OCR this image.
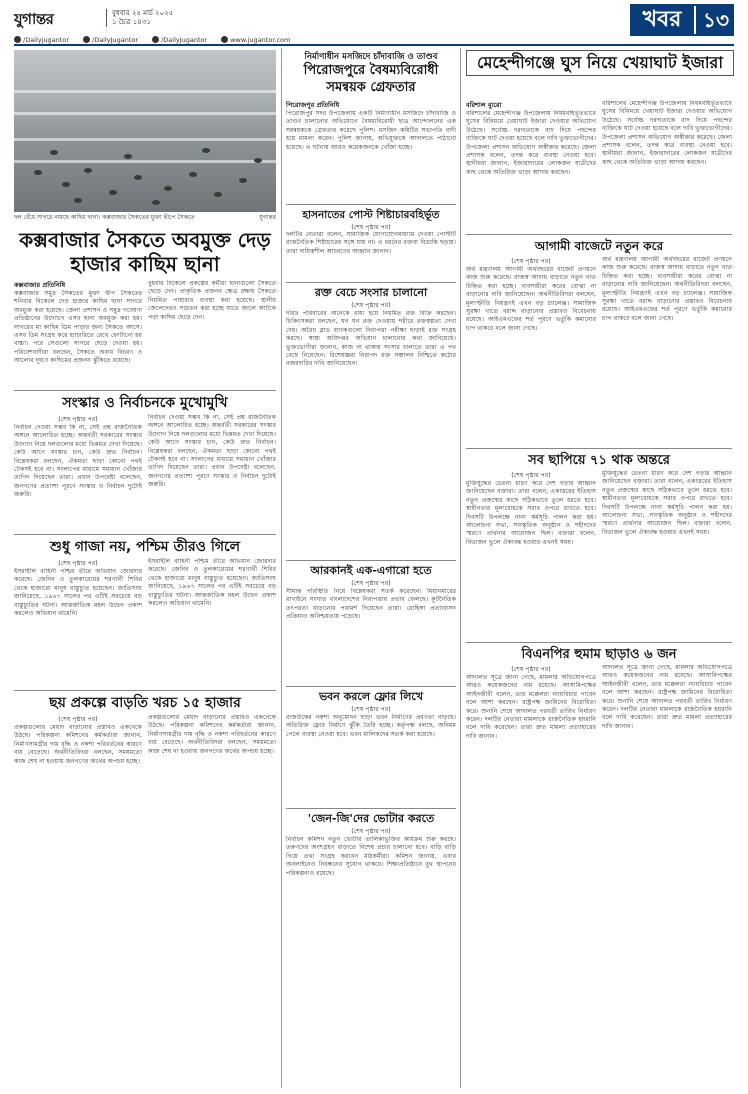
যুগান্তর	বুধবার ২৫ মার্চ ২০২৫
১ চৈত্র ১৪৩১
/Dailyjugantor	/DailyJugantor	/DailyJugantor	www.jugantor.com
খবর	১৩
দল বেঁধে সাগরে নামছে কাছিম ছানা। কক্সবাজার সৈকতের মুক্তা দ্বীপে সৈকতে	যুগান্তর
কক্সবাজার সৈকতে অবমুক্ত দেড় হাজার কাছিম ছানা
কক্সবাজার প্রতিনিধি
কক্সবাজার সমুদ্র সৈকতের মুক্তা দ্বীপ সৈকতের শনিবার বিকেলে দেড় হাজার কাছিম ছানা সাগরে অবমুক্ত করা হয়েছে। জেলা প্রশাসন ও সমুদ্র গবেষণা প্রতিষ্ঠানের উদ্যোগে এসব ছানা অবমুক্ত করা হয়। সাগরের মা কাছিম ডিম পাড়ার জন্য সৈকতে আসে। এসব ডিম সংগ্রহ করে হ্যাচারিতে রেখে ফোটানো হয় বাচ্চা। পরে সেগুলো সাগরে ছেড়ে দেওয়া হয়। পরিবেশবাদীরা বলছেন, সৈকতে অবাধ বিচরণ ও আলোর দূষণে কাছিমের প্রজনন ঝুঁকিতে রয়েছে।
বুধবার বিকেলে প্রকল্পের কর্মীরা ছানাগুলো সৈকতে ছেড়ে দেন। প্রাকৃতিক প্রজনন ক্ষেত্র রক্ষায় সৈকতে নিয়মিত পাহারার ব্যবস্থা করা হয়েছে। স্থানীয় জেলেদেরও সচেতন করা হচ্ছে যাতে জালে আটকে পড়া কাছিম ছেড়ে দেন।
সংস্কার ও নির্বাচনকে মুখোমুখি
(শেষ পৃষ্ঠার পর)
নির্বাচন দেওয়া সম্ভব কি না, সেই প্রশ্ন রাজনৈতিক অঙ্গনে আলোচিত হচ্ছে। অন্তর্বর্তী সরকারের সংস্কার উদ্যোগ নিয়ে দলগুলোর মধ্যে ভিন্নমত দেখা দিয়েছে। কেউ আগে সংস্কার চান, কেউ দ্রুত নির্বাচন। বিশ্লেষকরা বলছেন, ঐকমত্য ছাড়া কোনো পথই টেকসই হবে না। সংলাপের মাধ্যমে সমাধান খোঁজার তাগিদ দিয়েছেন তারা। প্রধান উপদেষ্টা বলেছেন, জনগণের প্রত্যাশা পূরণে সংস্কার ও নির্বাচন দুটোই জরুরি।
নির্বাচন দেওয়া সম্ভব কি না, সেই প্রশ্ন রাজনৈতিক অঙ্গনে আলোচিত হচ্ছে। অন্তর্বর্তী সরকারের সংস্কার উদ্যোগ নিয়ে দলগুলোর মধ্যে ভিন্নমত দেখা দিয়েছে। কেউ আগে সংস্কার চান, কেউ দ্রুত নির্বাচন। বিশ্লেষকরা বলছেন, ঐকমত্য ছাড়া কোনো পথই টেকসই হবে না। সংলাপের মাধ্যমে সমাধান খোঁজার তাগিদ দিয়েছেন তারা। প্রধান উপদেষ্টা বলেছেন, জনগণের প্রত্যাশা পূরণে সংস্কার ও নির্বাচন দুটোই জরুরি।
শুধু গাজা নয়, পশ্চিম তীরও গিলে
(শেষ পৃষ্ঠার পর)
ইসরাইলি বাহিনী পশ্চিম তীরে অভিযান জোরদার করেছে। জেনিন ও তুলকারেমের শরণার্থী শিবির থেকে হাজারো মানুষ বাস্তুচ্যুত হয়েছেন। জাতিসংঘ জানিয়েছে, ১৯৬৭ সালের পর এটিই সবচেয়ে বড় বাস্তুচ্যুতির ঘটনা। আন্তর্জাতিক মহল উদ্বেগ প্রকাশ করলেও অভিযান থামেনি।
ইসরাইলি বাহিনী পশ্চিম তীরে অভিযান জোরদার করেছে। জেনিন ও তুলকারেমের শরণার্থী শিবির থেকে হাজারো মানুষ বাস্তুচ্যুত হয়েছেন। জাতিসংঘ জানিয়েছে, ১৯৬৭ সালের পর এটিই সবচেয়ে বড় বাস্তুচ্যুতির ঘটনা। আন্তর্জাতিক মহল উদ্বেগ প্রকাশ করলেও অভিযান থামেনি।
ছয় প্রকল্পে বাড়তি খরচ ১৫ হাজার
(শেষ পৃষ্ঠার পর)
প্রকল্পগুলোর মেয়াদ বাড়ানোর প্রস্তাবও একনেকে উঠছে। পরিকল্পনা কমিশনের কর্মকর্তারা জানান, নির্মাণসামগ্রীর দাম বৃদ্ধি ও নকশা পরিবর্তনের কারণে ব্যয় বেড়েছে। অর্থনীতিবিদরা বলছেন, সময়মতো কাজ শেষ না হওয়ায় জনগণের অর্থের অপচয় হচ্ছে।
প্রকল্পগুলোর মেয়াদ বাড়ানোর প্রস্তাবও একনেকে উঠছে। পরিকল্পনা কমিশনের কর্মকর্তারা জানান, নির্মাণসামগ্রীর দাম বৃদ্ধি ও নকশা পরিবর্তনের কারণে ব্যয় বেড়েছে। অর্থনীতিবিদরা বলছেন, সময়মতো কাজ শেষ না হওয়ায় জনগণের অর্থের অপচয় হচ্ছে।
নির্মাণাধীন মসজিদে চাঁদাবাজি ও তাণ্ডব
পিরোজপুরে বৈষম্যবিরোধী সমন্বয়ক গ্রেফতার
পিরোজপুর প্রতিনিধি
পিরোজপুর সদর উপজেলায় একটি নির্মাণাধীন মসজিদে চাঁদাবাজি ও তাণ্ডব চালানোর অভিযোগে বৈষম্যবিরোধী ছাত্র আন্দোলনের এক সমন্বয়ককে গ্রেফতার করেছে পুলিশ। মসজিদ কমিটির সভাপতি বাদী হয়ে মামলা করেন। পুলিশ জানায়, অভিযুক্তকে আদালতে পাঠানো হয়েছে। এ ঘটনায় আরও কয়েকজনকে খোঁজা হচ্ছে।
হাসনাতের পোস্ট শিষ্টাচারবহির্ভূত
(শেষ পৃষ্ঠার পর)
দলটির নেতারা বলেন, সামাজিক যোগাযোগমাধ্যমে দেওয়া পোস্টটি রাজনৈতিক শিষ্টাচারের সঙ্গে যায় না। এ ধরনের বক্তব্য বিভ্রান্তি ছড়ায়। তারা দায়িত্বশীল আচরণের আহ্বান জানান।
রক্ত বেচে সংসার চালানো
(শেষ পৃষ্ঠার পর)
দরিদ্র পরিবারের অনেকে বাধ্য হয়ে নিয়মিত রক্ত বিক্রি করছেন। চিকিৎসকরা বলছেন, ঘন ঘন রক্ত দেওয়ায় শরীরে রক্তস্বল্পতা দেখা দেয়। অবৈধ ব্লাড ব্যাংকগুলো নিরাপত্তা পরীক্ষা ছাড়াই রক্ত সংগ্রহ করছে। স্বাস্থ্য অধিদপ্তর অভিযান চালানোর কথা জানিয়েছে। ভুক্তভোগীরা জানান, কাজ না থাকায় সংসার চালাতে তারা এ পথ বেছে নিয়েছেন। বিশেষজ্ঞরা নিরাপদ রক্ত সঞ্চালন নিশ্চিতে কঠোর নজরদারির দাবি জানিয়েছেন।
আরকানই এক-এগারো হতে
(শেষ পৃষ্ঠার পর)
সীমান্ত পরিস্থিতি নিয়ে বিশ্লেষকরা সতর্ক করেছেন। মিয়ানমারের রাখাইনে সংঘাত বাংলাদেশের নিরাপত্তায় প্রভাব ফেলছে। কূটনৈতিক তৎপরতা বাড়ানোর পরামর্শ দিয়েছেন তারা। রোহিঙ্গা প্রত্যাবাসন প্রক্রিয়াও অনিশ্চয়তায় পড়েছে।
ভবন করলে ফ্লোর লিখে
(শেষ পৃষ্ঠার পর)
রাজউকের নকশা অনুমোদন ছাড়া ভবন নির্মাণের প্রবণতা বাড়ছে। অতিরিক্ত ফ্লোর নির্মাণে ঝুঁকি তৈরি হচ্ছে। কর্তৃপক্ষ বলছে, অনিয়ম পেলে ব্যবস্থা নেওয়া হবে। ভবন মালিকদের সতর্ক করা হয়েছে।
'জেন-জি'দের ভোটার করতে
(শেষ পৃষ্ঠার পর)
নির্বাচন কমিশন নতুন ভোটার তালিকাভুক্তির কার্যক্রম শুরু করছে। তরুণদের অংশগ্রহণ বাড়াতে বিশেষ প্রচার চালানো হবে। বাড়ি বাড়ি গিয়ে তথ্য সংগ্রহ করবেন মাঠকর্মীরা। কমিশন জানায়, এবার অনলাইনেও নিবন্ধনের সুযোগ থাকবে। শিক্ষাপ্রতিষ্ঠানে বুথ স্থাপনের পরিকল্পনাও রয়েছে।
মেহেন্দীগঞ্জে ঘুস নিয়ে খেয়াঘাট ইজারা
বরিশাল ব্যুরো
বরিশালের মেহেন্দীগঞ্জ উপজেলায় নিয়মবহির্ভূতভাবে ঘুসের বিনিময়ে খেয়াঘাট ইজারা দেওয়ার অভিযোগ উঠেছে। সর্বোচ্চ দরদাতাকে বাদ দিয়ে পছন্দের ব্যক্তিকে ঘাট দেওয়া হয়েছে বলে দাবি ভুক্তভোগীদের। উপজেলা প্রশাসন অভিযোগ অস্বীকার করেছে। জেলা প্রশাসক বলেন, তদন্ত করে ব্যবস্থা নেওয়া হবে। স্থানীয়রা জানান, ইজারাদারের লোকজন যাত্রীদের কাছ থেকে অতিরিক্ত ভাড়া আদায় করছেন।
বরিশালের মেহেন্দীগঞ্জ উপজেলায় নিয়মবহির্ভূতভাবে ঘুসের বিনিময়ে খেয়াঘাট ইজারা দেওয়ার অভিযোগ উঠেছে। সর্বোচ্চ দরদাতাকে বাদ দিয়ে পছন্দের ব্যক্তিকে ঘাট দেওয়া হয়েছে বলে দাবি ভুক্তভোগীদের। উপজেলা প্রশাসন অভিযোগ অস্বীকার করেছে। জেলা প্রশাসক বলেন, তদন্ত করে ব্যবস্থা নেওয়া হবে। স্থানীয়রা জানান, ইজারাদারের লোকজন যাত্রীদের কাছ থেকে অতিরিক্ত ভাড়া আদায় করছেন।
আগামী বাজেটে নতুন করে
(শেষ পৃষ্ঠার পর)
অর্থ মন্ত্রণালয় আগামী অর্থবছরের বাজেট প্রণয়নে কাজ শুরু করেছে। রাজস্ব আদায় বাড়াতে নতুন খাত চিহ্নিত করা হচ্ছে। ব্যবসায়ীরা করের বোঝা না বাড়ানোর দাবি জানিয়েছেন। অর্থনীতিবিদরা বলছেন, মূল্যস্ফীতি নিয়ন্ত্রণই এখন বড় চ্যালেঞ্জ। সামাজিক সুরক্ষা খাতে বরাদ্দ বাড়ানোর প্রস্তাবও বিবেচনায় রয়েছে। আইএমএফের শর্ত পূরণে ভর্তুকি কমানোর চাপ থাকবে বলে জানা গেছে।
অর্থ মন্ত্রণালয় আগামী অর্থবছরের বাজেট প্রণয়নে কাজ শুরু করেছে। রাজস্ব আদায় বাড়াতে নতুন খাত চিহ্নিত করা হচ্ছে। ব্যবসায়ীরা করের বোঝা না বাড়ানোর দাবি জানিয়েছেন। অর্থনীতিবিদরা বলছেন, মূল্যস্ফীতি নিয়ন্ত্রণই এখন বড় চ্যালেঞ্জ। সামাজিক সুরক্ষা খাতে বরাদ্দ বাড়ানোর প্রস্তাবও বিবেচনায় রয়েছে। আইএমএফের শর্ত পূরণে ভর্তুকি কমানোর চাপ থাকবে বলে জানা গেছে।
সব ছাপিয়ে ৭১ থাক অন্তরে
(শেষ পৃষ্ঠার পর)
মুক্তিযুদ্ধের চেতনা ধারণ করে দেশ গড়ার আহ্বান জানিয়েছেন বক্তারা। তারা বলেন, একাত্তরের ইতিহাস নতুন প্রজন্মের কাছে সঠিকভাবে তুলে ধরতে হবে। স্বাধীনতার মূল্যবোধকে সবার ওপরে রাখতে হবে। দিবসটি উপলক্ষে নানা কর্মসূচি পালন করা হয়। আলোচনা সভা, সাংস্কৃতিক অনুষ্ঠান ও শহীদদের স্মরণে প্রার্থনার আয়োজন ছিল। বক্তারা বলেন, বিভাজন ভুলে ঐক্যবদ্ধ হওয়ার এখনই সময়।
মুক্তিযুদ্ধের চেতনা ধারণ করে দেশ গড়ার আহ্বান জানিয়েছেন বক্তারা। তারা বলেন, একাত্তরের ইতিহাস নতুন প্রজন্মের কাছে সঠিকভাবে তুলে ধরতে হবে। স্বাধীনতার মূল্যবোধকে সবার ওপরে রাখতে হবে। দিবসটি উপলক্ষে নানা কর্মসূচি পালন করা হয়। আলোচনা সভা, সাংস্কৃতিক অনুষ্ঠান ও শহীদদের স্মরণে প্রার্থনার আয়োজন ছিল। বক্তারা বলেন, বিভাজন ভুলে ঐক্যবদ্ধ হওয়ার এখনই সময়।
বিএনপির হুমাম ছাড়াও ৬ জন
(শেষ পৃষ্ঠার পর)
আদালত সূত্রে জানা গেছে, মামলার অভিযোগপত্রে আরও কয়েকজনের নাম রয়েছে। আসামিপক্ষের আইনজীবী বলেন, তার মক্কেলরা ন্যায়বিচার পাবেন বলে আশা করছেন। রাষ্ট্রপক্ষ জামিনের বিরোধিতা করে। শুনানি শেষে আদালত পরবর্তী তারিখ নির্ধারণ করেন। দলটির নেতারা মামলাকে রাজনৈতিক হয়রানি বলে দাবি করেছেন। তারা দ্রুত মামলা প্রত্যাহারের দাবি জানান।
আদালত সূত্রে জানা গেছে, মামলার অভিযোগপত্রে আরও কয়েকজনের নাম রয়েছে। আসামিপক্ষের আইনজীবী বলেন, তার মক্কেলরা ন্যায়বিচার পাবেন বলে আশা করছেন। রাষ্ট্রপক্ষ জামিনের বিরোধিতা করে। শুনানি শেষে আদালত পরবর্তী তারিখ নির্ধারণ করেন। দলটির নেতারা মামলাকে রাজনৈতিক হয়রানি বলে দাবি করেছেন। তারা দ্রুত মামলা প্রত্যাহারের দাবি জানান।
